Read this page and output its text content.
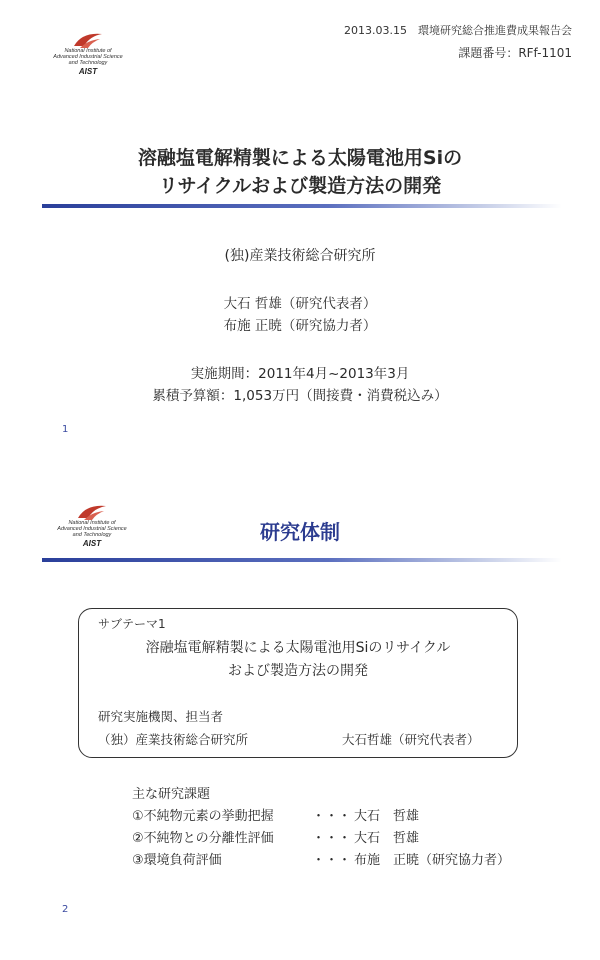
National Institute of
Advanced Industrial Science
and Technology
AIST
2013.03.15　環境研究総合推進費成果報告会
課題番号：RFf-1101
溶融塩電解精製による太陽電池用Siの
リサイクルおよび製造方法の開発
(独)産業技術総合研究所
大石 哲雄（研究代表者）
布施 正暁（研究協力者）
実施期間：2011年4月~2013年3月
累積予算額：1,053万円（間接費・消費税込み）
1
National Institute of
Advanced Industrial Science
and Technology
AIST	研究体制
サブテーマ1
溶融塩電解精製による太陽電池用Siのリサイクル
および製造方法の開発
研究実施機関、担当者
（独）産業技術総合研究所	大石哲雄（研究代表者）
主な研究課題
①不純物元素の挙動把握	・・・ 大石　哲雄
②不純物との分離性評価	・・・ 大石　哲雄
③環境負荷評価	・・・ 布施　正暁（研究協力者）
2
